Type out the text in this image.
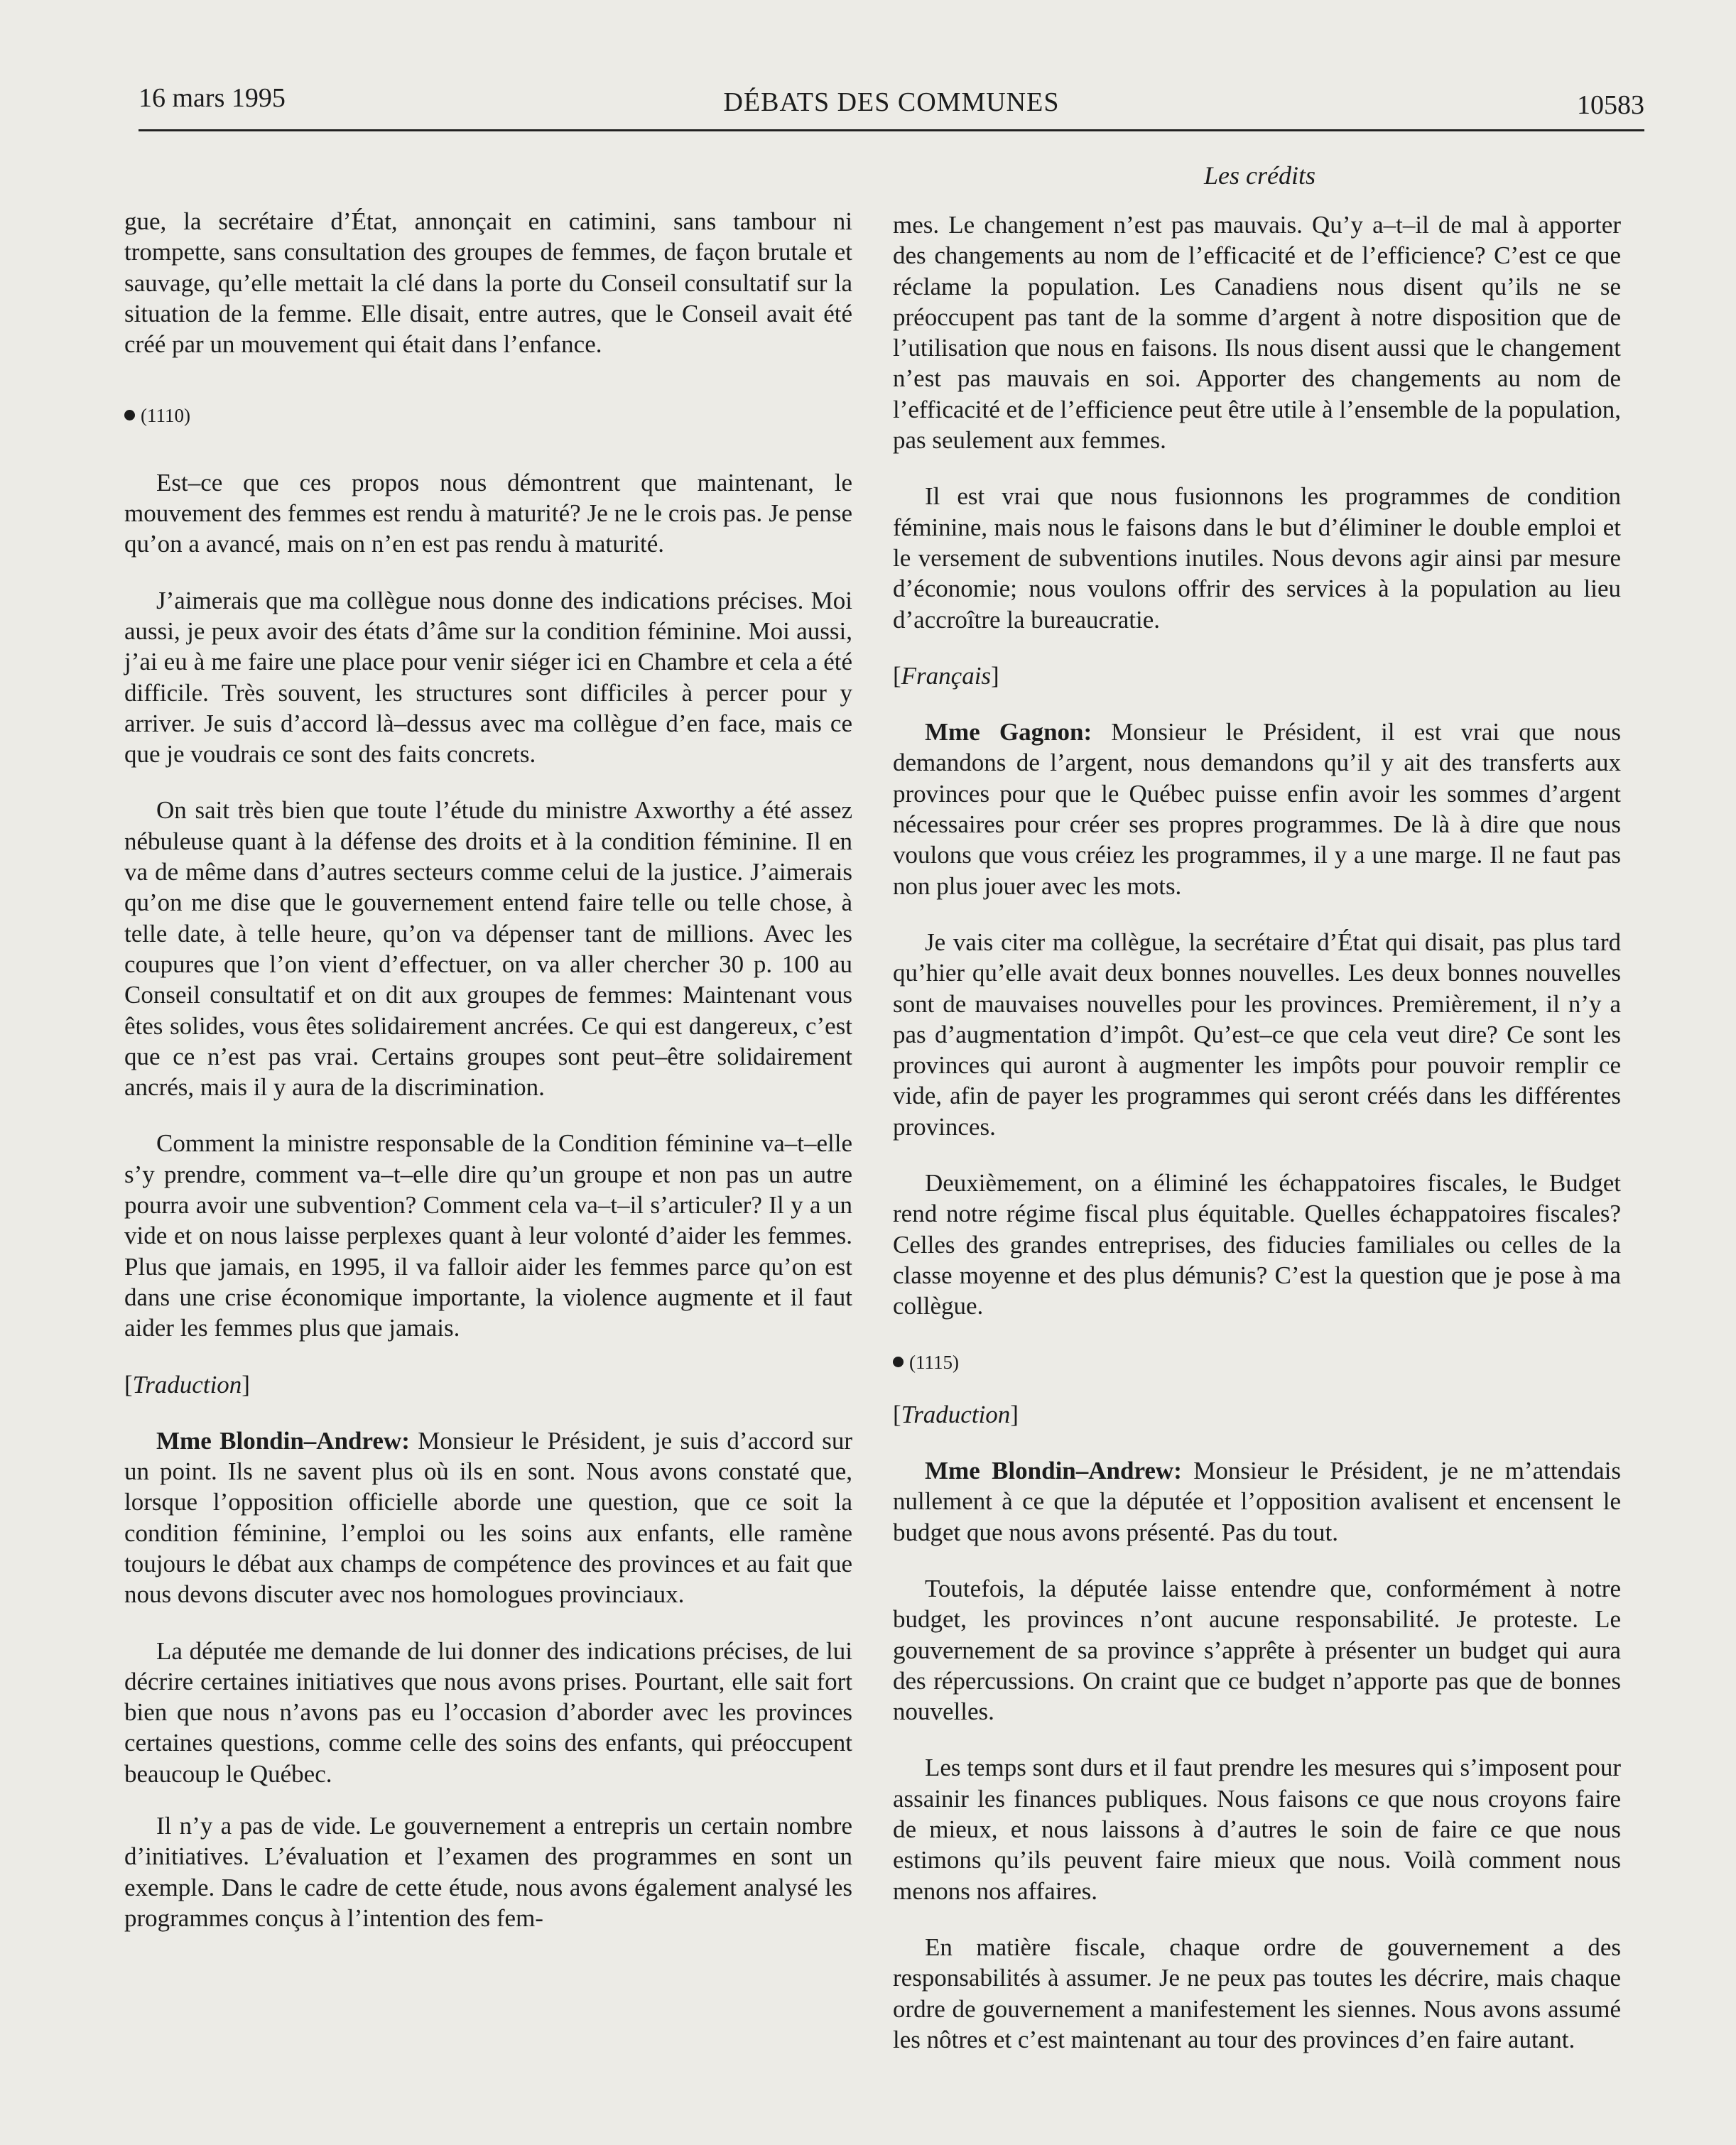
16 mars 1995	DÉBATS DES COMMUNES	10583
Les crédits

gue, la secrétaire d’État, annonçait en catimini, sans tambour ni trompette, sans consultation des groupes de femmes, de façon brutale et sauvage, qu’elle mettait la clé dans la porte du Conseil consultatif sur la situation de la femme. Elle disait, entre autres, que le Conseil avait été créé par un mouvement qui était dans l’enfance.

(1110)

Est–ce que ces propos nous démontrent que maintenant, le mouvement des femmes est rendu à maturité? Je ne le crois pas. Je pense qu’on a avancé, mais on n’en est pas rendu à maturité.

J’aimerais que ma collègue nous donne des indications précises. Moi aussi, je peux avoir des états d’âme sur la condition féminine. Moi aussi, j’ai eu à me faire une place pour venir siéger ici en Chambre et cela a été difficile. Très souvent, les structures sont difficiles à percer pour y arriver. Je suis d’accord là–dessus avec ma collègue d’en face, mais ce que je voudrais ce sont des faits concrets.

On sait très bien que toute l’étude du ministre Axworthy a été assez nébuleuse quant à la défense des droits et à la condition féminine. Il en va de même dans d’autres secteurs comme celui de la justice. J’aimerais qu’on me dise que le gouvernement entend faire telle ou telle chose, à telle date, à telle heure, qu’on va dépenser tant de millions. Avec les coupures que l’on vient d’effectuer, on va aller chercher 30 p. 100 au Conseil consultatif et on dit aux groupes de femmes: Maintenant vous êtes solides, vous êtes solidairement ancrées. Ce qui est dangereux, c’est que ce n’est pas vrai. Certains groupes sont peut–être solidairement ancrés, mais il y aura de la discrimination.

Comment la ministre responsable de la Condition féminine va–t–elle s’y prendre, comment va–t–elle dire qu’un groupe et non pas un autre pourra avoir une subvention? Comment cela va–t–il s’articuler? Il y a un vide et on nous laisse perplexes quant à leur volonté d’aider les femmes. Plus que jamais, en 1995, il va falloir aider les femmes parce qu’on est dans une crise économique importante, la violence augmente et il faut aider les femmes plus que jamais.

[Traduction]

Mme Blondin–Andrew: Monsieur le Président, je suis d’accord sur un point. Ils ne savent plus où ils en sont. Nous avons constaté que, lorsque l’opposition officielle aborde une question, que ce soit la condition féminine, l’emploi ou les soins aux enfants, elle ramène toujours le débat aux champs de compétence des provinces et au fait que nous devons discuter avec nos homologues provinciaux.

La députée me demande de lui donner des indications précises, de lui décrire certaines initiatives que nous avons prises. Pourtant, elle sait fort bien que nous n’avons pas eu l’occasion d’aborder avec les provinces certaines questions, comme celle des soins des enfants, qui préoccupent beaucoup le Québec.

Il n’y a pas de vide. Le gouvernement a entrepris un certain nombre d’initiatives. L’évaluation et l’examen des programmes en sont un exemple. Dans le cadre de cette étude, nous avons également analysé les programmes conçus à l’intention des fem-

mes. Le changement n’est pas mauvais. Qu’y a–t–il de mal à apporter des changements au nom de l’efficacité et de l’efficience? C’est ce que réclame la population. Les Canadiens nous disent qu’ils ne se préoccupent pas tant de la somme d’argent à notre disposition que de l’utilisation que nous en faisons. Ils nous disent aussi que le changement n’est pas mauvais en soi. Apporter des changements au nom de l’efficacité et de l’efficience peut être utile à l’ensemble de la population, pas seulement aux femmes.

Il est vrai que nous fusionnons les programmes de condition féminine, mais nous le faisons dans le but d’éliminer le double emploi et le versement de subventions inutiles. Nous devons agir ainsi par mesure d’économie; nous voulons offrir des services à la population au lieu d’accroître la bureaucratie.

[Français]

Mme Gagnon: Monsieur le Président, il est vrai que nous demandons de l’argent, nous demandons qu’il y ait des transferts aux provinces pour que le Québec puisse enfin avoir les sommes d’argent nécessaires pour créer ses propres programmes. De là à dire que nous voulons que vous créiez les programmes, il y a une marge. Il ne faut pas non plus jouer avec les mots.

Je vais citer ma collègue, la secrétaire d’État qui disait, pas plus tard qu’hier qu’elle avait deux bonnes nouvelles. Les deux bonnes nouvelles sont de mauvaises nouvelles pour les provinces. Premièrement, il n’y a pas d’augmentation d’impôt. Qu’est–ce que cela veut dire? Ce sont les provinces qui auront à augmenter les impôts pour pouvoir remplir ce vide, afin de payer les programmes qui seront créés dans les différentes provinces.

Deuxièmement, on a éliminé les échappatoires fiscales, le Budget rend notre régime fiscal plus équitable. Quelles échappatoires fiscales? Celles des grandes entreprises, des fiducies familiales ou celles de la classe moyenne et des plus démunis? C’est la question que je pose à ma collègue.

(1115)

[Traduction]

Mme Blondin–Andrew: Monsieur le Président, je ne m’attendais nullement à ce que la députée et l’opposition avalisent et encensent le budget que nous avons présenté. Pas du tout.

Toutefois, la députée laisse entendre que, conformément à notre budget, les provinces n’ont aucune responsabilité. Je proteste. Le gouvernement de sa province s’apprête à présenter un budget qui aura des répercussions. On craint que ce budget n’apporte pas que de bonnes nouvelles.

Les temps sont durs et il faut prendre les mesures qui s’imposent pour assainir les finances publiques. Nous faisons ce que nous croyons faire de mieux, et nous laissons à d’autres le soin de faire ce que nous estimons qu’ils peuvent faire mieux que nous. Voilà comment nous menons nos affaires.

En matière fiscale, chaque ordre de gouvernement a des responsabilités à assumer. Je ne peux pas toutes les décrire, mais chaque ordre de gouvernement a manifestement les siennes. Nous avons assumé les nôtres et c’est maintenant au tour des provinces d’en faire autant.
